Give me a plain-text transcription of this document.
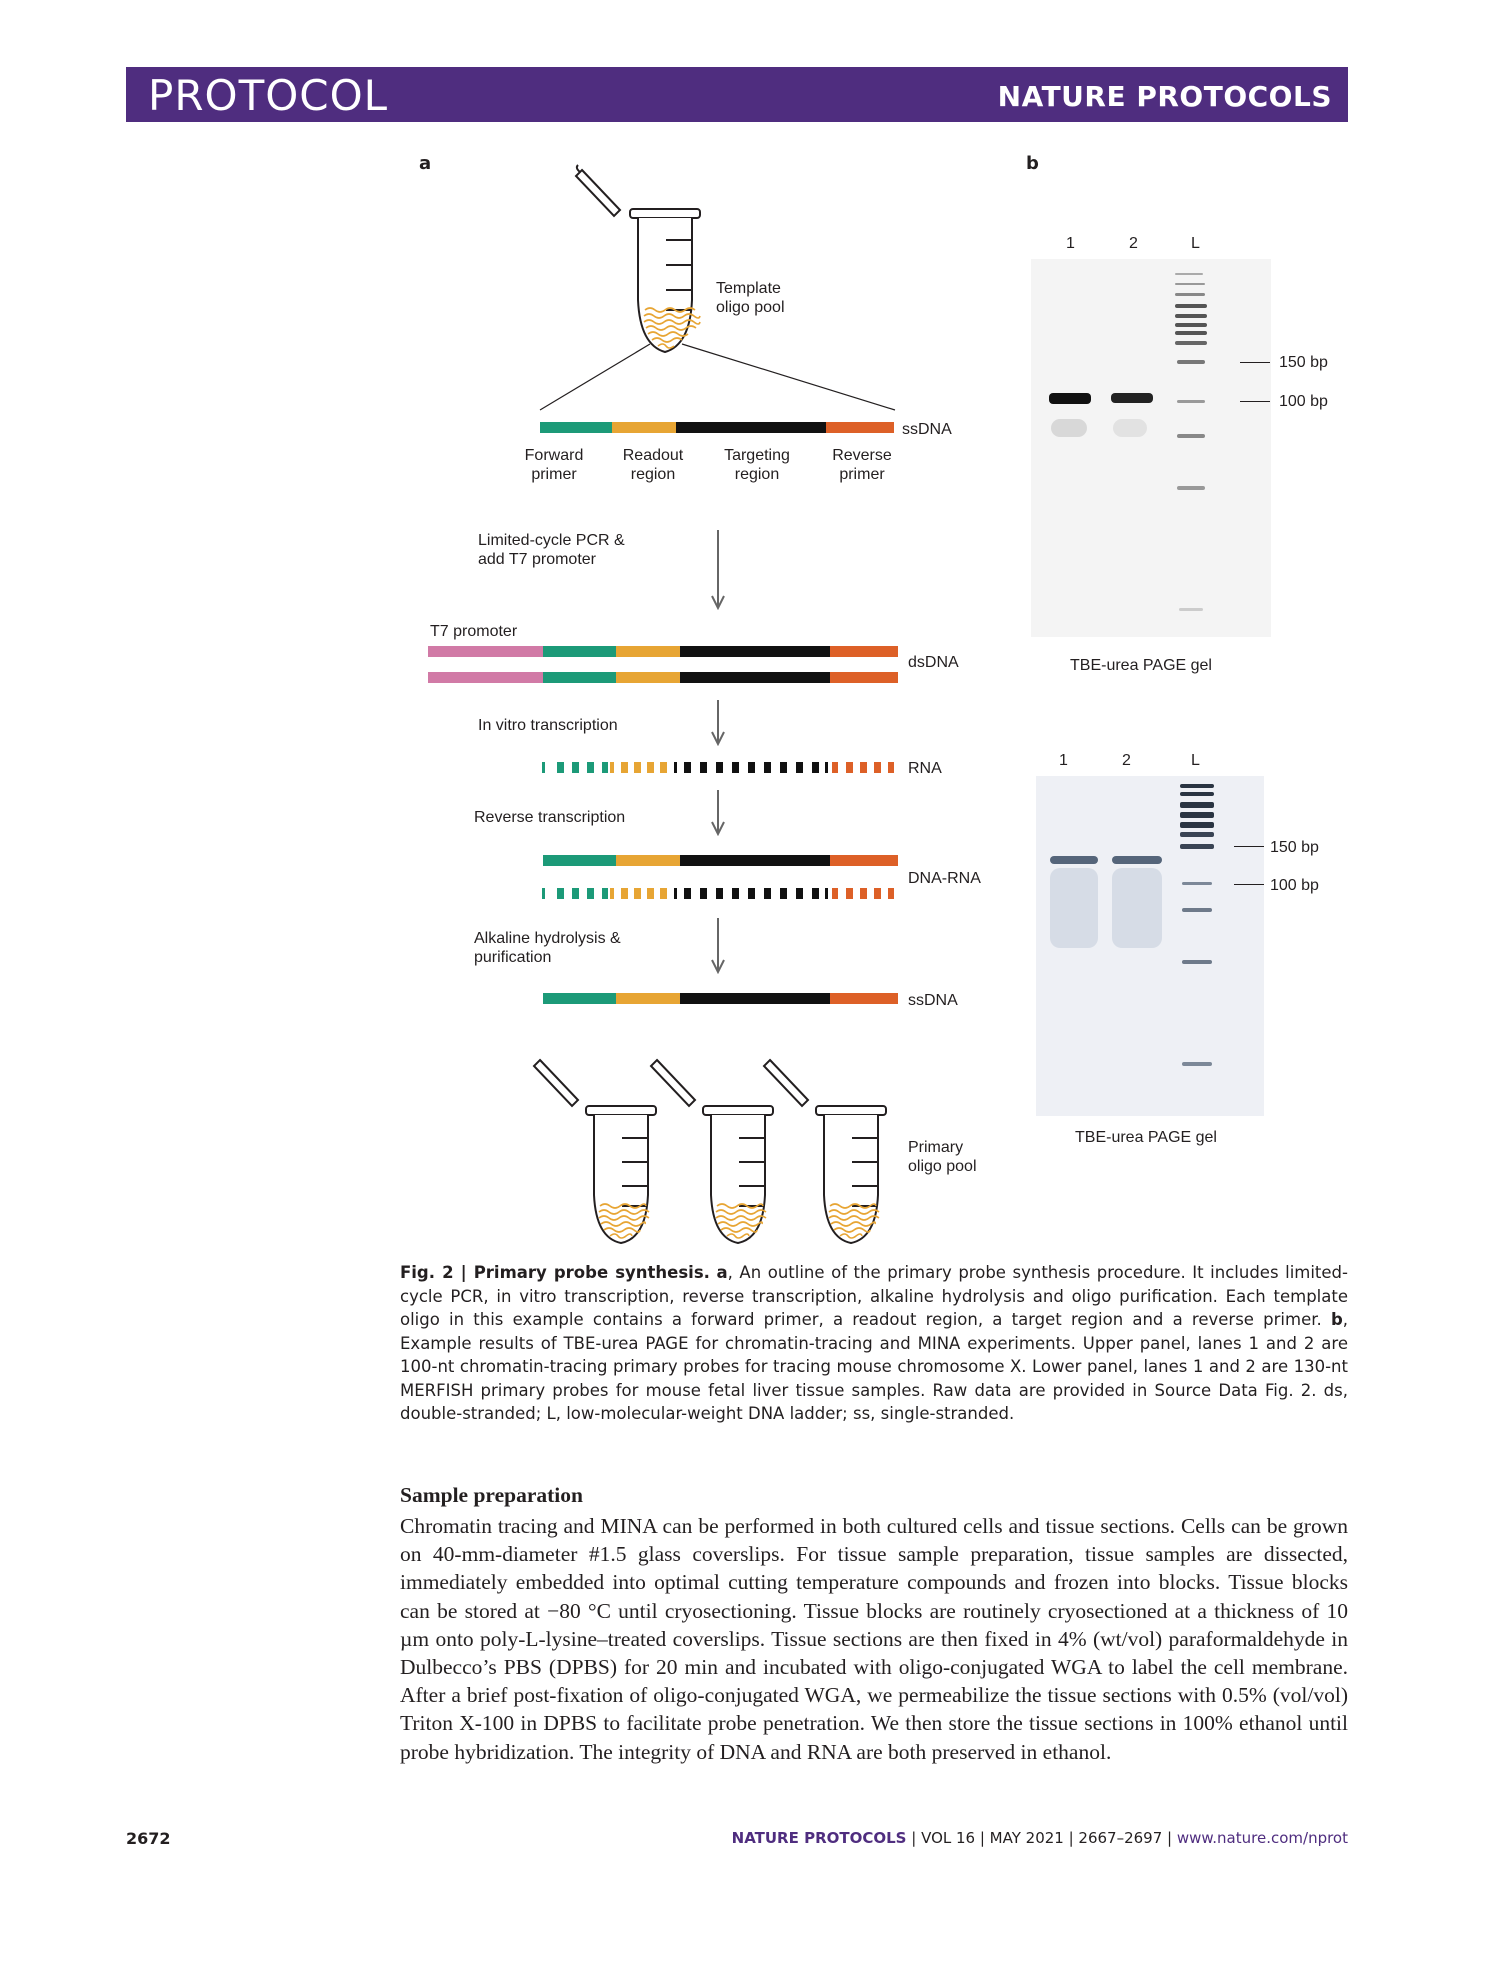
PROTOCOL	NATURE PROTOCOLS
a
Template
oligo pool
ssDNA
Forward
primer
Readout
region
Targeting
region
Reverse
primer
Limited-cycle PCR &
add T7 promoter
T7 promoter
dsDNA
In vitro transcription
RNA
Reverse transcription
DNA-RNA
Alkaline hydrolysis &
purification
ssDNA
Primary
oligo pool
b
1	2	L
150 bp
100 bp
TBE-urea PAGE gel
1	2	L
150 bp
100 bp
TBE-urea PAGE gel
Fig. 2 | Primary probe synthesis. a, An outline of the primary probe synthesis procedure. It includes limited-cycle PCR, in vitro transcription, reverse transcription, alkaline hydrolysis and oligo purification. Each template oligo in this example contains a forward primer, a readout region, a target region and a reverse primer. b, Example results of TBE-urea PAGE for chromatin-tracing and MINA experiments. Upper panel, lanes 1 and 2 are 100-nt chromatin-tracing primary probes for tracing mouse chromosome X. Lower panel, lanes 1 and 2 are 130-nt MERFISH primary probes for mouse fetal liver tissue samples. Raw data are provided in Source Data Fig. 2. ds, double-stranded; L, low-molecular-weight DNA ladder; ss, single-stranded.
Sample preparation
Chromatin tracing and MINA can be performed in both cultured cells and tissue sections. Cells can be grown on 40-mm-diameter #1.5 glass coverslips. For tissue sample preparation, tissue samples are dissected, immediately embedded into optimal cutting temperature compounds and frozen into blocks. Tissue blocks can be stored at −80 °C until cryosectioning. Tissue blocks are routinely cryosectioned at a thickness of 10 µm onto poly-L-lysine–treated coverslips. Tissue sections are then fixed in 4% (wt/vol) paraformaldehyde in Dulbecco’s PBS (DPBS) for 20 min and incubated with oligo-conjugated WGA to label the cell membrane. After a brief post-fixation of oligo-conjugated WGA, we permeabilize the tissue sections with 0.5% (vol/vol) Triton X-100 in DPBS to facilitate probe penetration. We then store the tissue sections in 100% ethanol until probe hybridization. The integrity of DNA and RNA are both preserved in ethanol.
2672	NATURE PROTOCOLS | VOL 16 | MAY 2021 | 2667–2697 | www.nature.com/nprot
